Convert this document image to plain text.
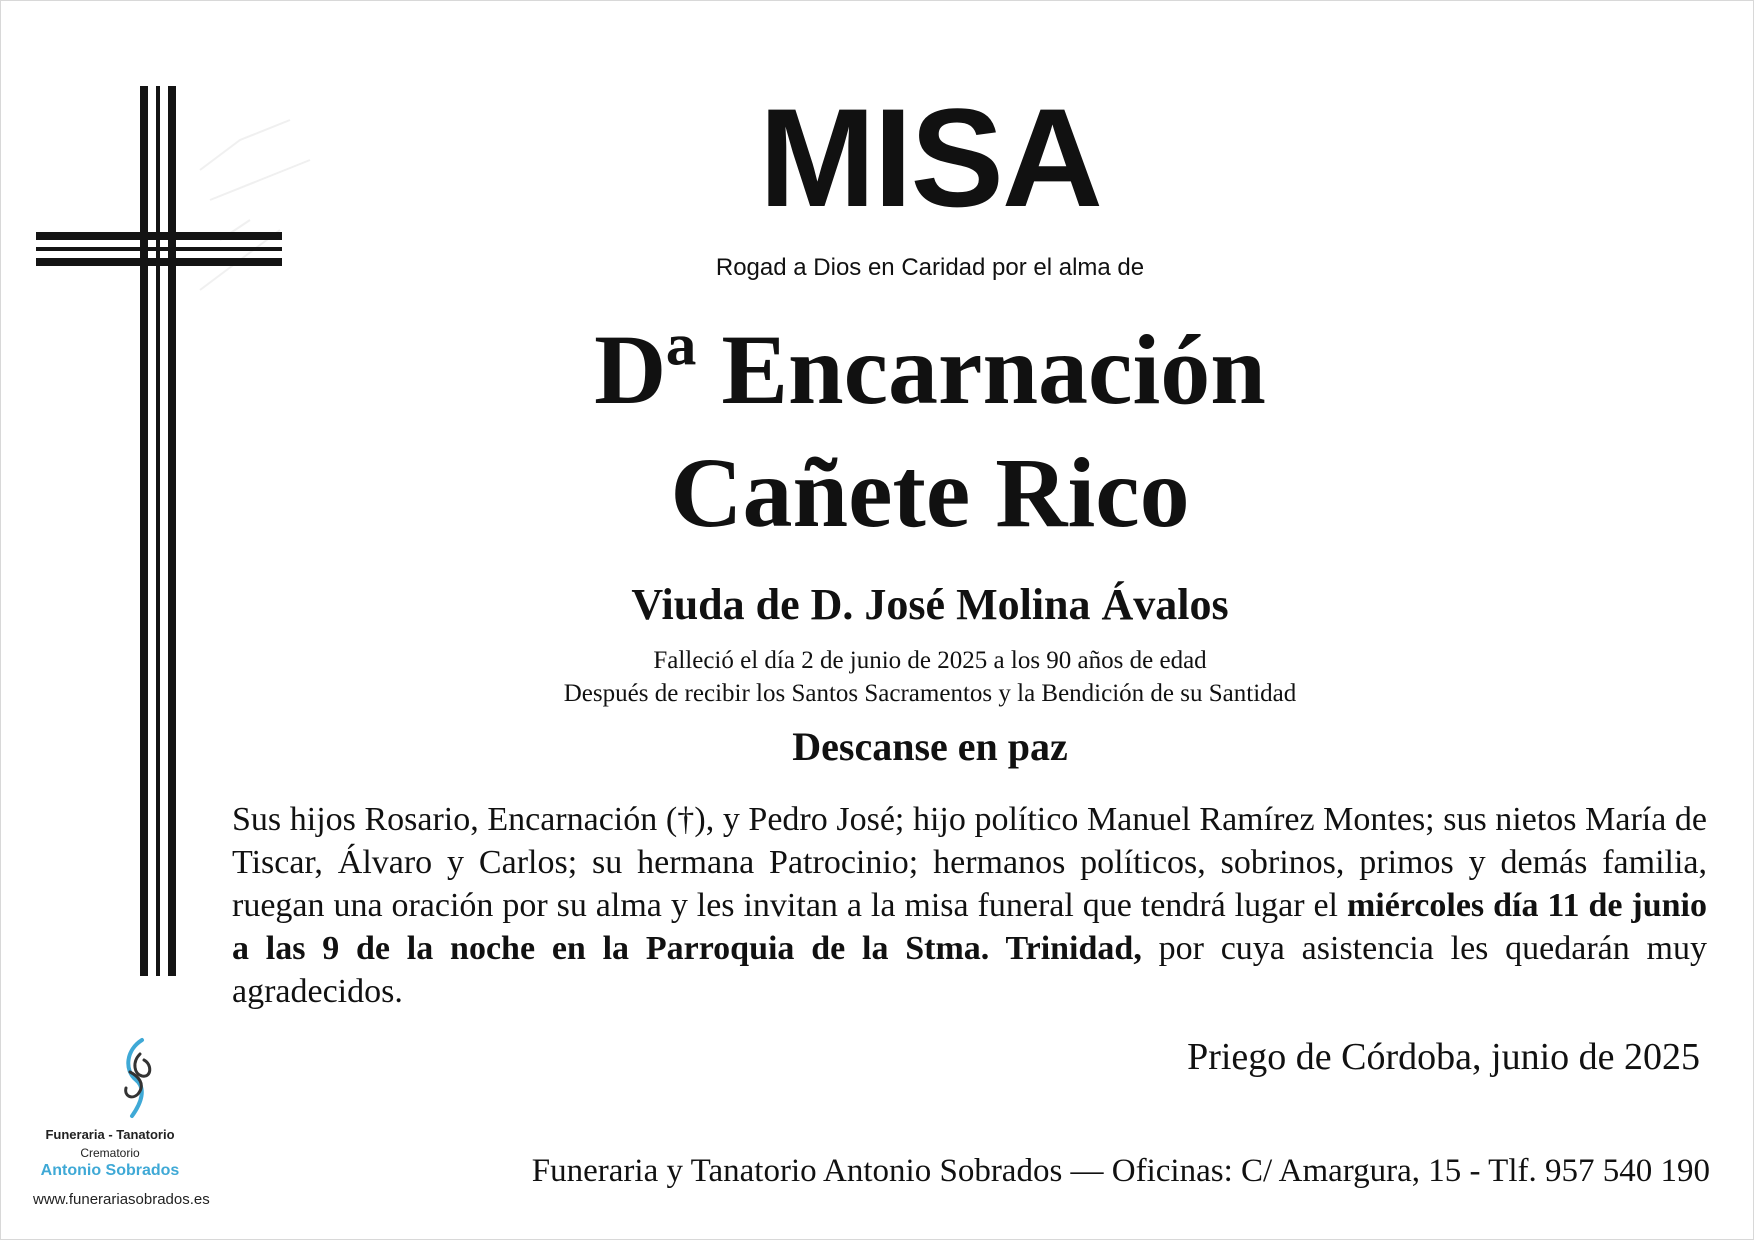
MISA
Rogad a Dios en Caridad por el alma de
Dª Encarnación
Cañete Rico
Viuda de D. José Molina Ávalos
Falleció el día 2 de junio de 2025 a los 90 años de edad
Después de recibir los Santos Sacramentos y la Bendición de su Santidad
Descanse en paz
Sus hijos Rosario, Encarnación (†), y Pedro José; hijo político Manuel Ramírez Montes; sus nietos María de Tiscar, Álvaro y Carlos; su hermana Patrocinio; hermanos políticos, sobrinos, primos y demás familia, ruegan una oración por su alma y les invitan a la misa funeral que tendrá lugar el miércoles día 11 de junio a las 9 de la noche en la Parroquia de la Stma. Trinidad, por cuya asistencia les quedarán muy agradecidos.
Priego de Córdoba, junio de 2025
Funeraria y Tanatorio Antonio Sobrados — Oficinas: C/ Amargura, 15 - Tlf. 957 540 190
Funeraria - Tanatorio
Crematorio
Antonio Sobrados
www.funerariasobrados.es
